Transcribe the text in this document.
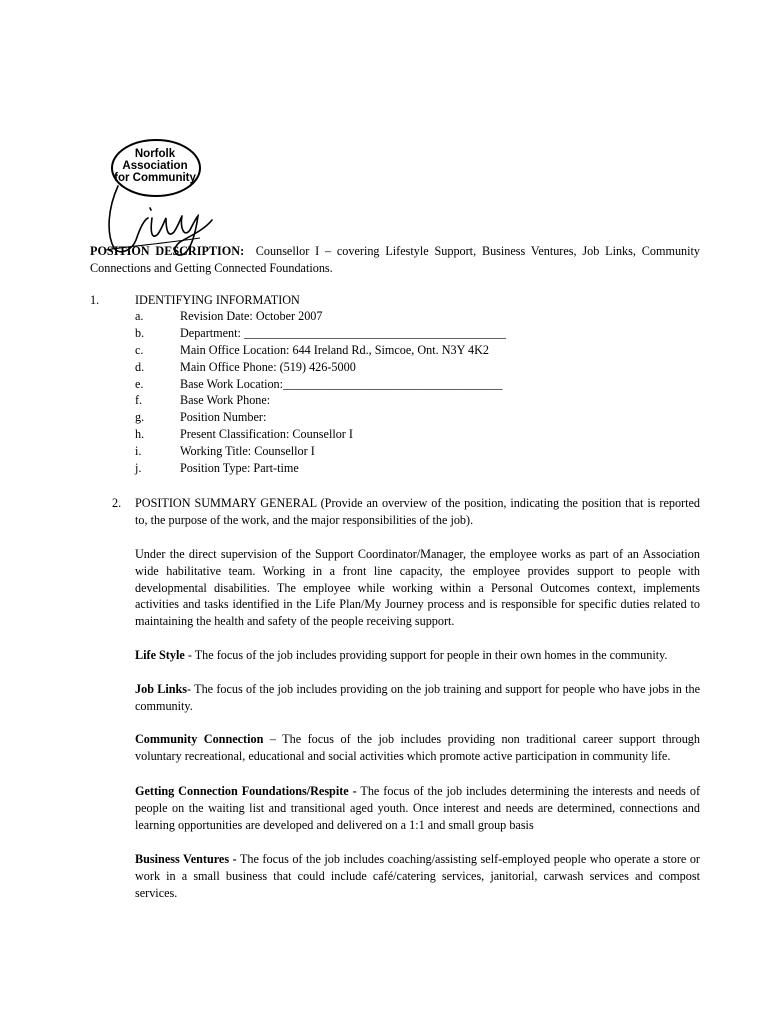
Norfolk
Association
for Community

POSITION DESCRIPTION: Counsellor I – covering Lifestyle Support, Business Ventures, Job Links, Community Connections and Getting Connected Foundations.

1.	IDENTIFYING INFORMATION
a.	Revision Date: October 2007
b.	Department: ___________________________________________
c.	Main Office Location: 644 Ireland Rd., Simcoe, Ont. N3Y 4K2
d.	Main Office Phone: (519) 426-5000
e.	Base Work Location:____________________________________
f.	Base Work Phone:
g.	Position Number:
h.	Present Classification: Counsellor I
i.	Working Title: Counsellor I
j.	Position Type: Part-time
2. POSITION SUMMARY GENERAL (Provide an overview of the position, indicating the position that is reported to, the purpose of the work, and the major responsibilities of the job).

Under the direct supervision of the Support Coordinator/Manager, the employee works as part of an Association wide habilitative team. Working in a front line capacity, the employee provides support to people with developmental disabilities. The employee while working within a Personal Outcomes context, implements activities and tasks identified in the Life Plan/My Journey process and is responsible for specific duties related to maintaining the health and safety of the people receiving support.

Life Style - The focus of the job includes providing support for people in their own homes in the community.

Job Links- The focus of the job includes providing on the job training and support for people who have jobs in the community.

Community Connection – The focus of the job includes providing non traditional career support through voluntary recreational, educational and social activities which promote active participation in community life.

Getting Connection Foundations/Respite - The focus of the job includes determining the interests and needs of people on the waiting list and transitional aged youth. Once interest and needs are determined, connections and learning opportunities are developed and delivered on a 1:1 and small group basis

Business Ventures - The focus of the job includes coaching/assisting self-employed people who operate a store or work in a small business that could include café/catering services, janitorial, carwash services and compost services.
